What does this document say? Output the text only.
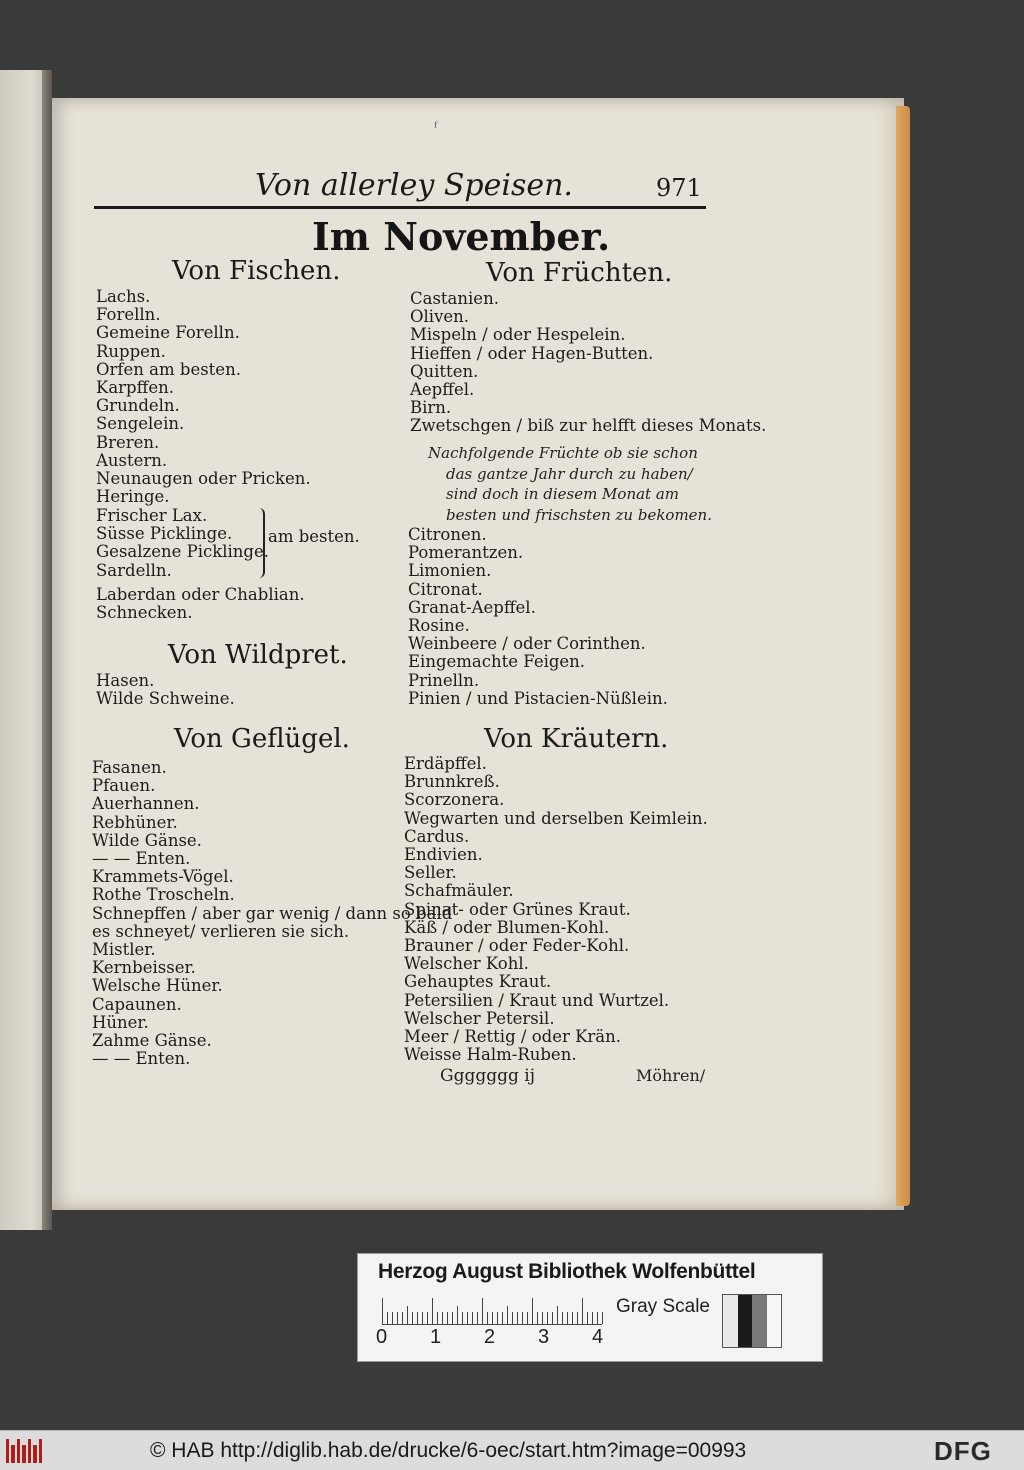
ᶠ
Von allerley Speisen.	971
Im November.
Von Fischen.
Lachs.
Forelln.
Gemeine Forelln.
Ruppen.
Orfen am besten.
Karpffen.
Grundeln.
Sengelein.
Breren.
Austern.
Neunaugen oder Pricken.
Heringe.
Frischer Lax.
Süsse Picklinge.
Gesalzene Picklinge.
Sardelln.
am besten.
Laberdan oder Chablian.
Schnecken.
Von Wildpret.
Hasen.
Wilde Schweine.
Von Geflügel.
Fasanen.
Pfauen.
Auerhannen.
Rebhüner.
Wilde Gänse.
— — Enten.
Krammets-Vögel.
Rothe Troscheln.
Schnepffen / aber gar wenig / dann so bald
es schneyet/ verlieren sie sich.
Mistler.
Kernbeisser.
Welsche Hüner.
Capaunen.
Hüner.
Zahme Gänse.
— — Enten.
Von Früchten.
Castanien.
Oliven.
Mispeln / oder Hespelein.
Hieffen / oder Hagen-Butten.
Quitten.
Aepffel.
Birn.
Zwetschgen / biß zur helfft dieses Monats.
Nachfolgende Früchte ob sie schon
das gantze Jahr durch zu haben/
sind doch in diesem Monat am
besten und frischsten zu bekomen.
Citronen.
Pomerantzen.
Limonien.
Citronat.
Granat-Aepffel.
Rosine.
Weinbeere / oder Corinthen.
Eingemachte Feigen.
Prinelln.
Pinien / und Pistacien-Nüßlein.
Von Kräutern.
Erdäpffel.
Brunnkreß.
Scorzonera.
Wegwarten und derselben Keimlein.
Cardus.
Endivien.
Seller.
Schafmäuler.
Spinat- oder Grünes Kraut.
Käß / oder Blumen-Kohl.
Brauner / oder Feder-Kohl.
Welscher Kohl.
Gehauptes Kraut.
Petersilien / Kraut und Wurtzel.
Welscher Petersil.
Meer / Rettig / oder Krän.
Weisse Halm-Ruben.
Ggggggg ij	Möhren/
Herzog August Bibliothek Wolfenbüttel
0 1 2 3 4
Gray Scale
© HAB http://diglib.hab.de/drucke/6-oec/start.htm?image=00993	DFG
